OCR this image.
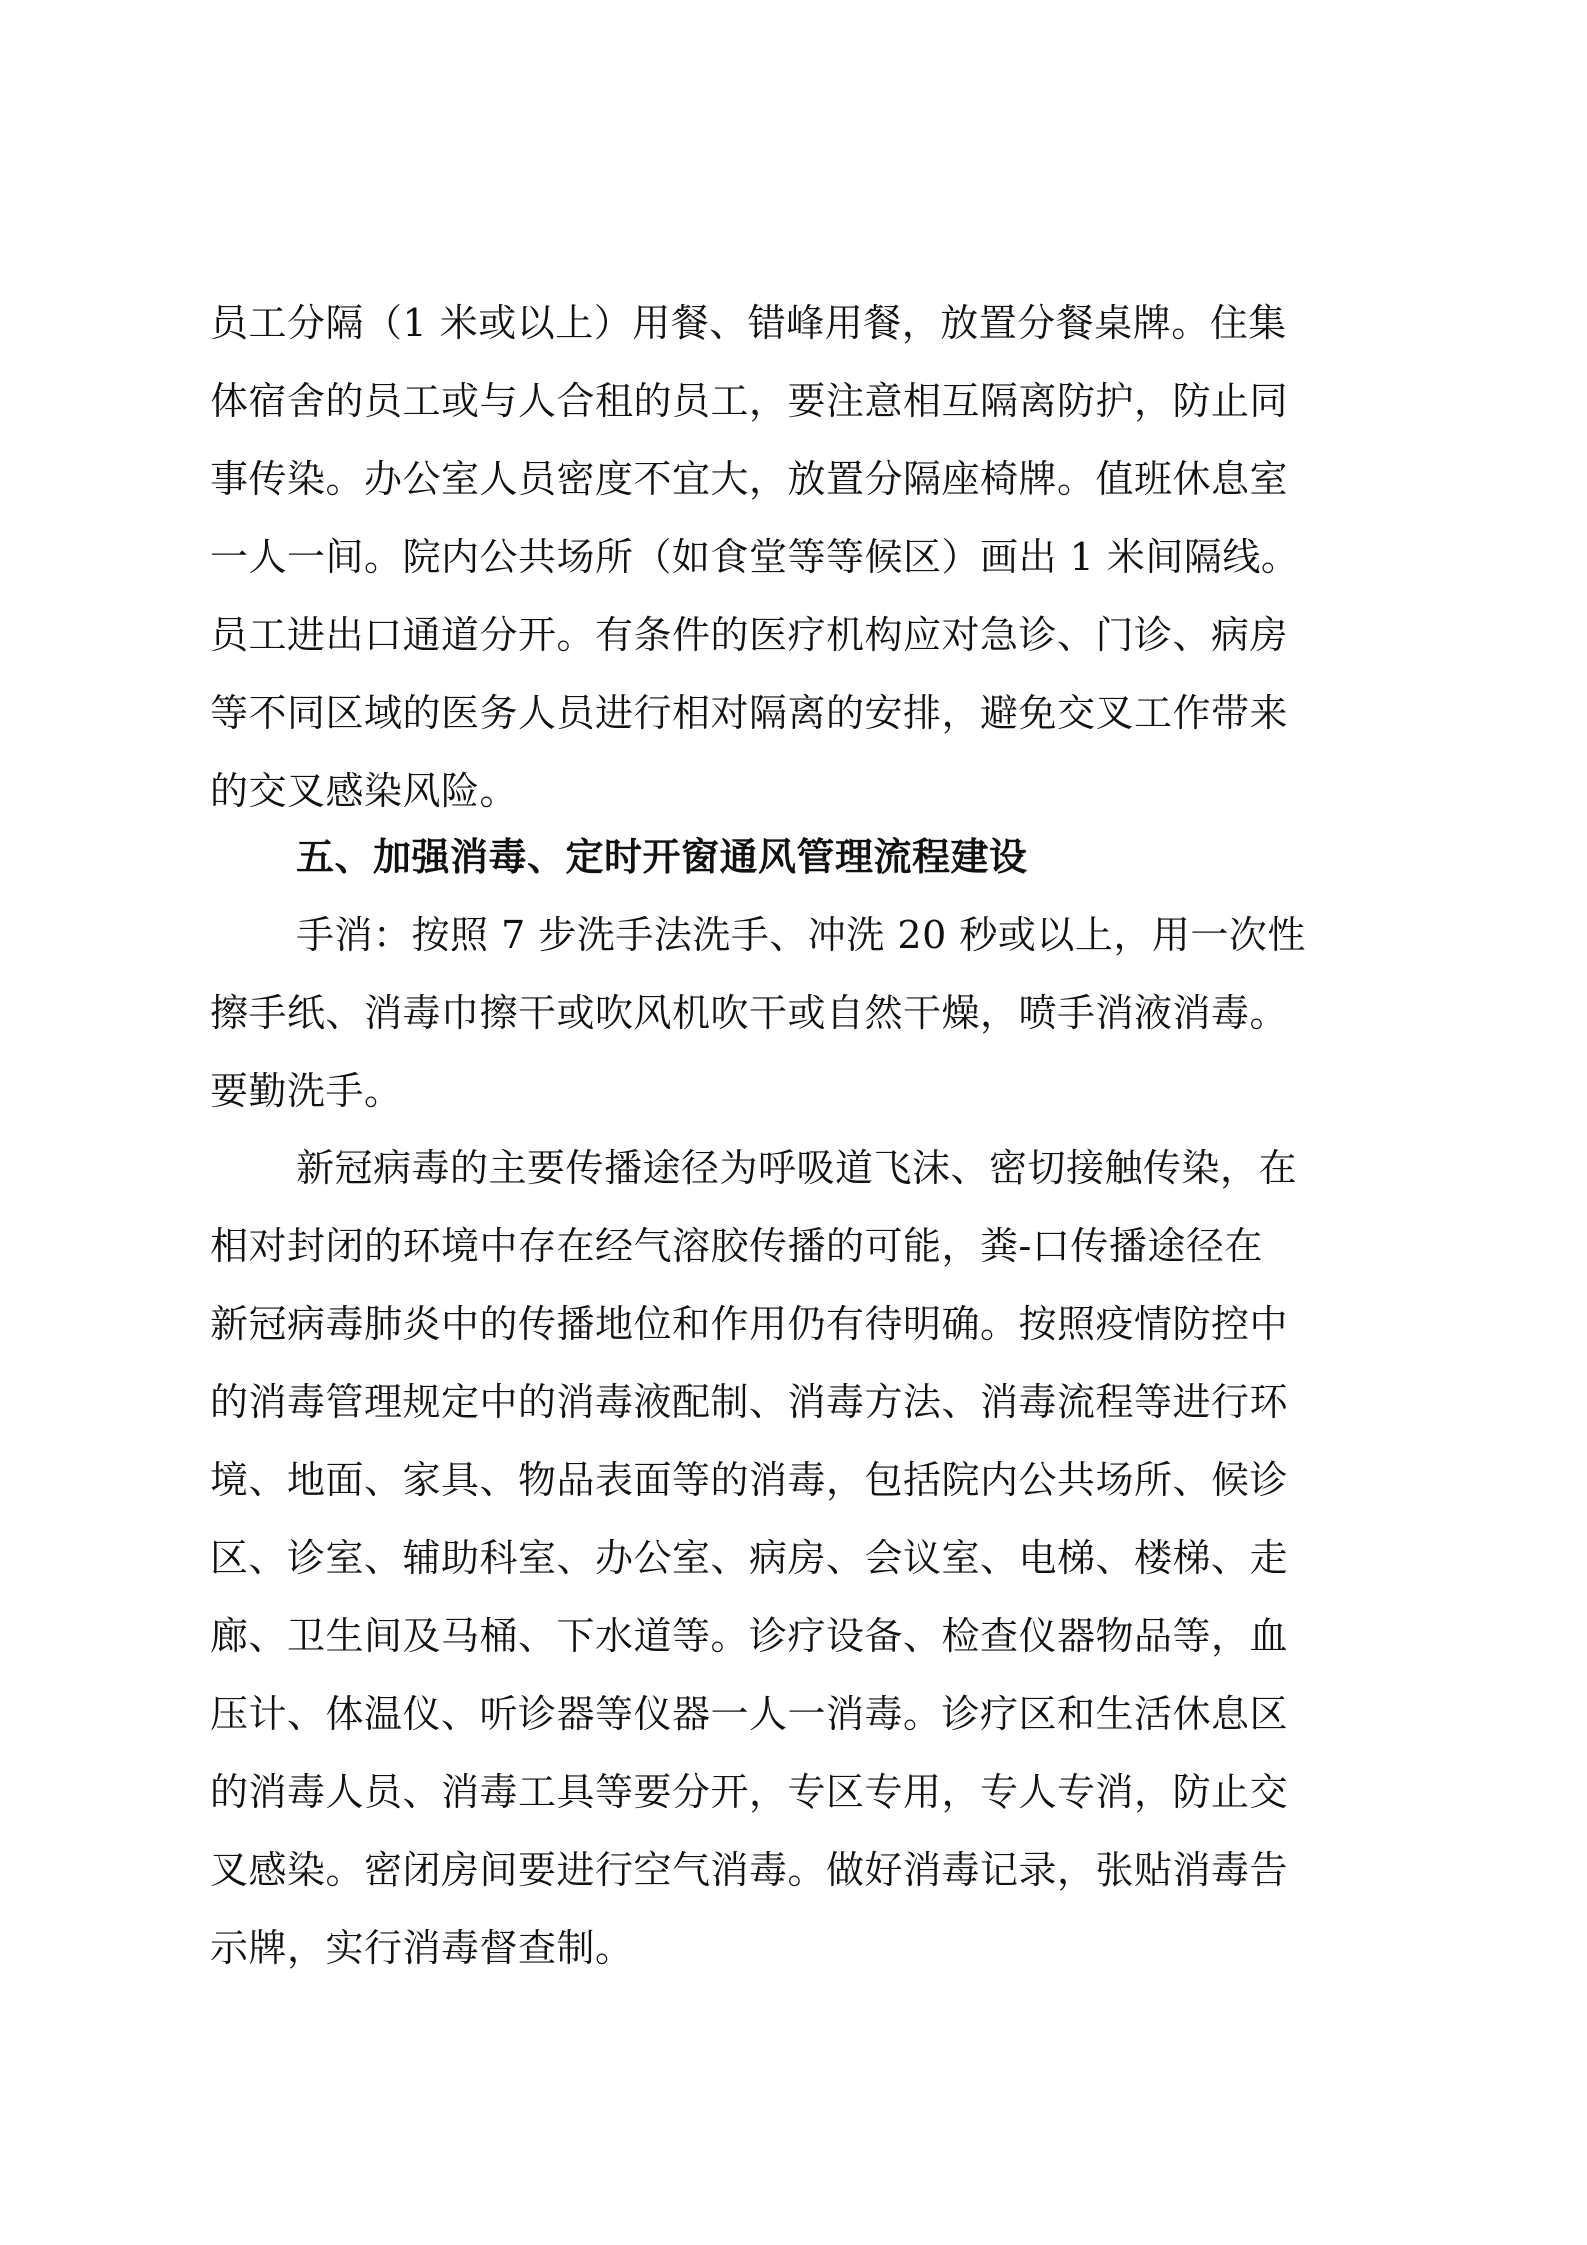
员工分隔（1 米或以上）用餐、错峰用餐，放置分餐桌牌。住集
体宿舍的员工或与人合租的员工，要注意相互隔离防护，防止同
事传染。办公室人员密度不宜大，放置分隔座椅牌。值班休息室
一人一间。院内公共场所（如食堂等等候区）画出 1 米间隔线。
员工进出口通道分开。有条件的医疗机构应对急诊、门诊、病房
等不同区域的医务人员进行相对隔离的安排，避免交叉工作带来
的交叉感染风险。
五、加强消毒、定时开窗通风管理流程建设
手消：按照 7 步洗手法洗手、冲洗 20 秒或以上，用一次性
擦手纸、消毒巾擦干或吹风机吹干或自然干燥，喷手消液消毒。
要勤洗手。
新冠病毒的主要传播途径为呼吸道飞沫、密切接触传染，在
相对封闭的环境中存在经气溶胶传播的可能，粪-口传播途径在
新冠病毒肺炎中的传播地位和作用仍有待明确。按照疫情防控中
的消毒管理规定中的消毒液配制、消毒方法、消毒流程等进行环
境、地面、家具、物品表面等的消毒，包括院内公共场所、候诊
区、诊室、辅助科室、办公室、病房、会议室、电梯、楼梯、走
廊、卫生间及马桶、下水道等。诊疗设备、检查仪器物品等，血
压计、体温仪、听诊器等仪器一人一消毒。诊疗区和生活休息区
的消毒人员、消毒工具等要分开，专区专用，专人专消，防止交
叉感染。密闭房间要进行空气消毒。做好消毒记录，张贴消毒告
示牌，实行消毒督查制。
